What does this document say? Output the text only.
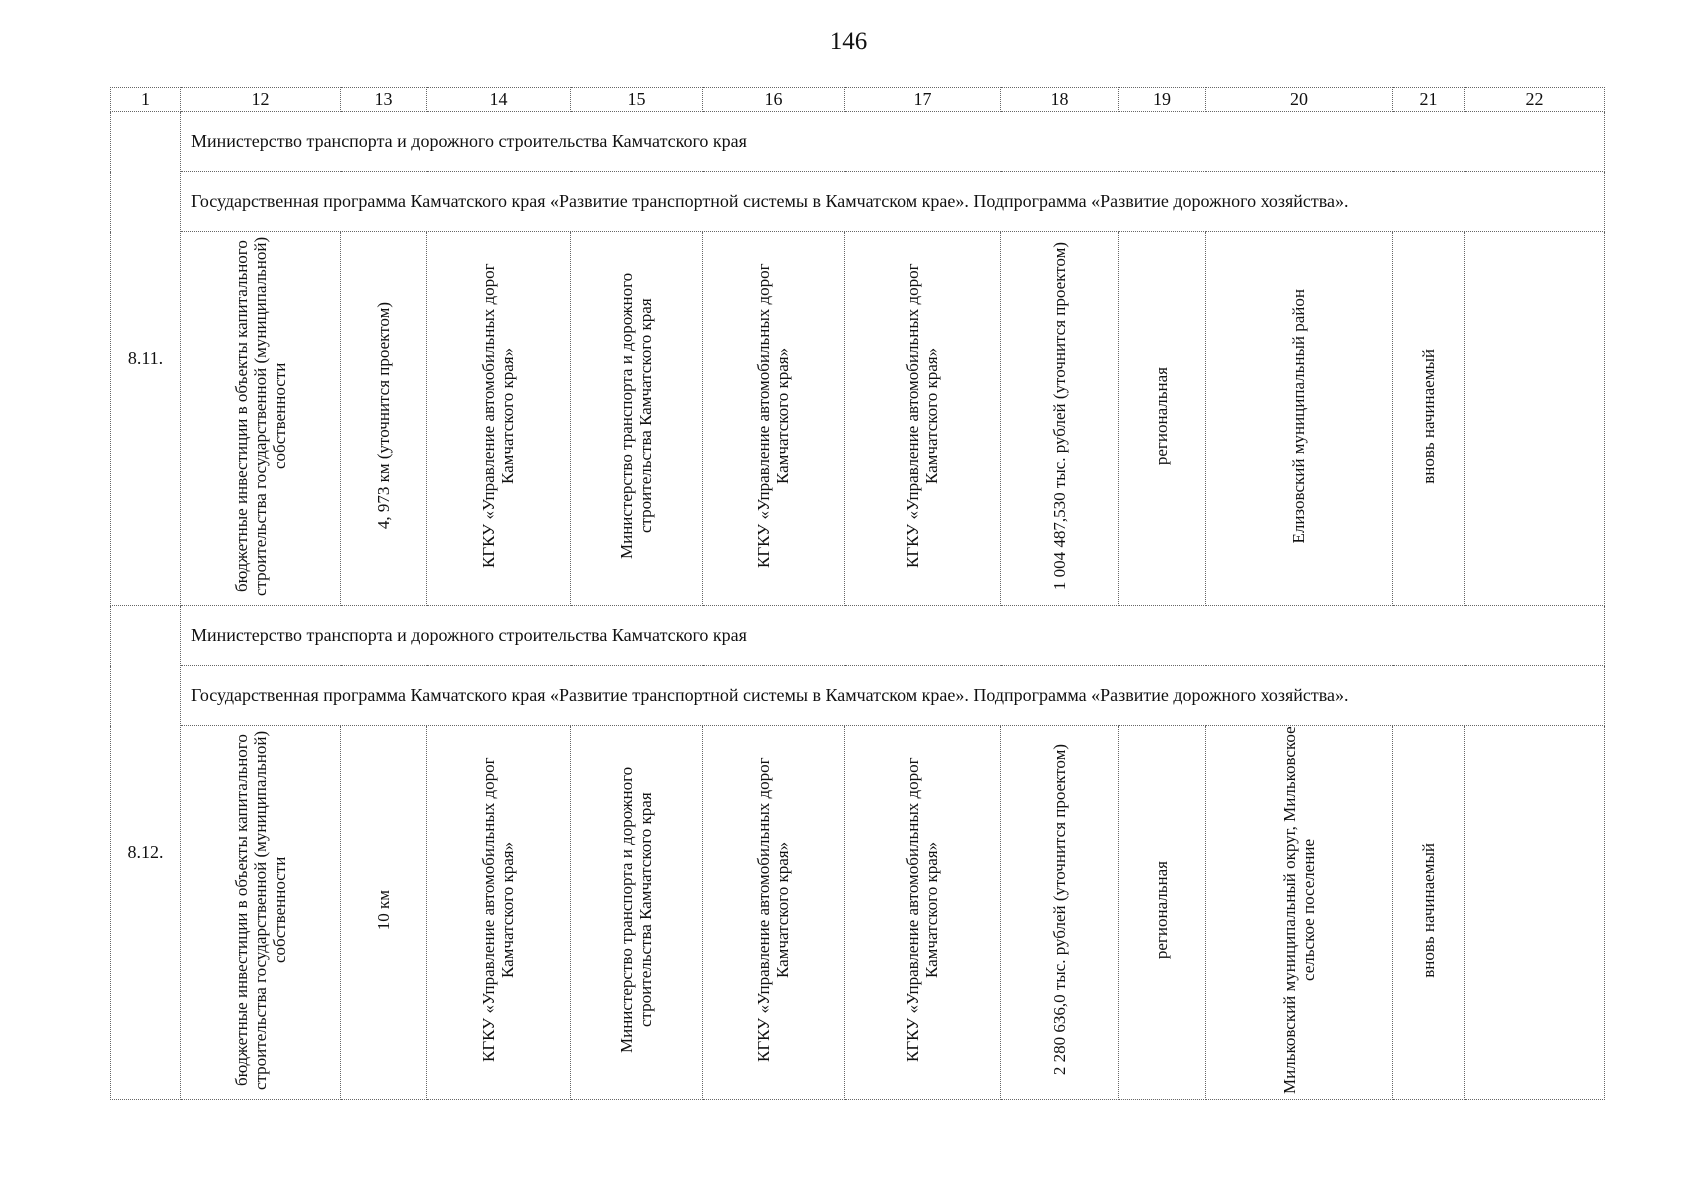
146
1	12	13	14	15	16	17	18	19	20	21	22
8.11.	Министерство транспорта и дорожного строительства Камчатского края										
	Государственная программа Камчатского края «Развитие транспортной системы в Камчатском крае». Подпрограмма «Развитие дорожного хозяйства».										
	бюджетные инвестиции в объекты капитального строительства государственной (муниципальной) собственности	4, 973 км (уточнится проектом)	КГКУ «Управление автомобильных дорог Камчатского края»	Министерство транспорта и дорожного строительства Камчатского края	КГКУ «Управление автомобильных дорог Камчатского края»	КГКУ «Управление автомобильных дорог Камчатского края»	1 004 487,530 тыс. рублей (уточнится проектом)	региональная	Елизовский муниципальный район	вновь начинаемый	
8.12.	Министерство транспорта и дорожного строительства Камчатского края										
	Государственная программа Камчатского края «Развитие транспортной системы в Камчатском крае». Подпрограмма «Развитие дорожного хозяйства».										
	бюджетные инвестиции в объекты капитального строительства государственной (муниципальной) собственности	10 км	КГКУ «Управление автомобильных дорог Камчатского края»	Министерство транспорта и дорожного строительства Камчатского края	КГКУ «Управление автомобильных дорог Камчатского края»	КГКУ «Управление автомобильных дорог Камчатского края»	2 280 636,0 тыс. рублей (уточнится проектом)	региональная	Мильковский муниципальный округ, Мильковское сельское поселение	вновь начинаемый	
